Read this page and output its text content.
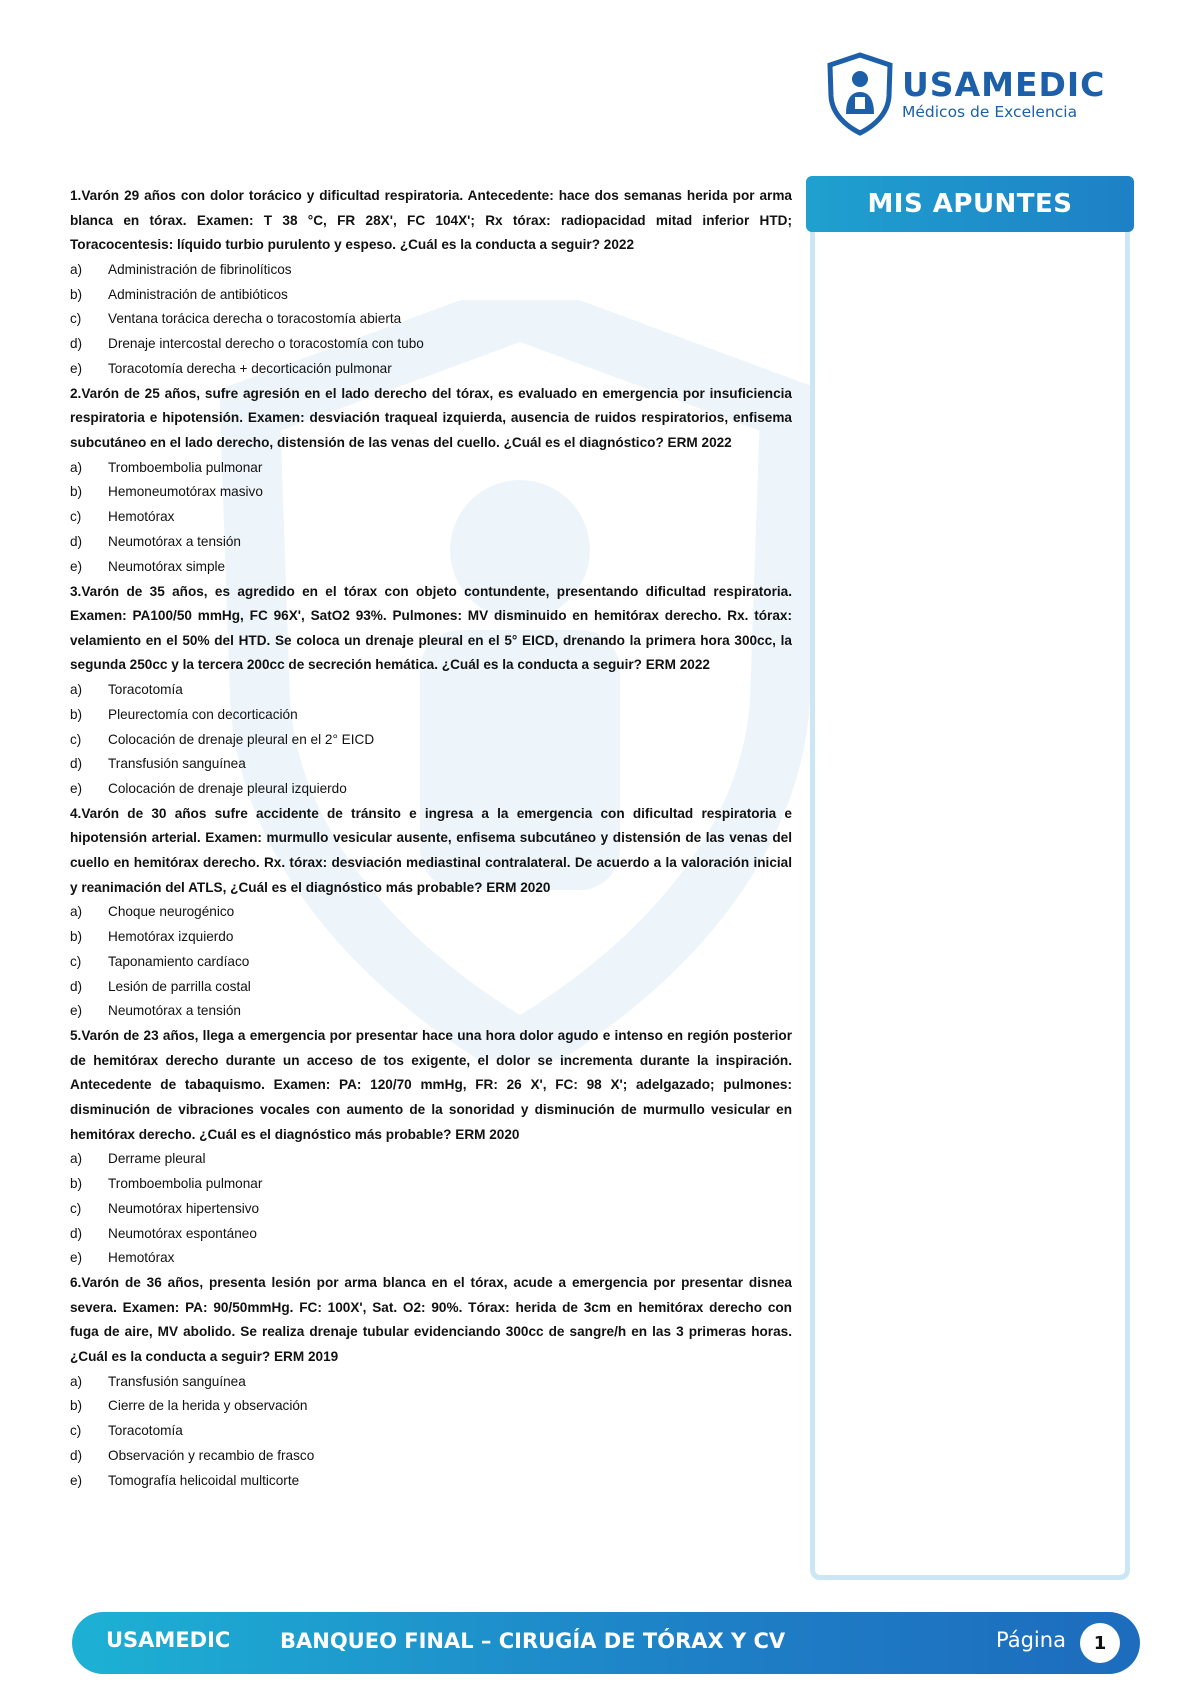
USAMEDIC
Médicos de Excelencia

1.Varón 29 años con dolor torácico y dificultad respiratoria. Antecedente: hace dos semanas herida por arma blanca en tórax. Examen: T 38 °C, FR 28X', FC 104X'; Rx tórax: radiopacidad mitad inferior HTD; Toracocentesis: líquido turbio purulento y espeso. ¿Cuál es la conducta a seguir? 2022

a)	Administración de fibrinolíticos
b)	Administración de antibióticos
c)	Ventana torácica derecha o toracostomía abierta
d)	Drenaje intercostal derecho o toracostomía con tubo
e)	Toracotomía derecha + decorticación pulmonar

2.Varón de 25 años, sufre agresión en el lado derecho del tórax, es evaluado en emergencia por insuficiencia respiratoria e hipotensión. Examen: desviación traqueal izquierda, ausencia de ruidos respiratorios, enfisema subcutáneo en el lado derecho, distensión de las venas del cuello. ¿Cuál es el diagnóstico? ERM 2022

a)	Tromboembolia pulmonar
b)	Hemoneumotórax masivo
c)	Hemotórax
d)	Neumotórax a tensión
e)	Neumotórax simple

3.Varón de 35 años, es agredido en el tórax con objeto contundente, presentando dificultad respiratoria. Examen: PA100/50 mmHg, FC 96X', SatO2 93%. Pulmones: MV disminuido en hemitórax derecho. Rx. tórax: velamiento en el 50% del HTD. Se coloca un drenaje pleural en el 5° EICD, drenando la primera hora 300cc, la segunda 250cc y la tercera 200cc de secreción hemática. ¿Cuál es la conducta a seguir? ERM 2022

a)	Toracotomía
b)	Pleurectomía con decorticación
c)	Colocación de drenaje pleural en el 2° EICD
d)	Transfusión sanguínea
e)	Colocación de drenaje pleural izquierdo

4.Varón de 30 años sufre accidente de tránsito e ingresa a la emergencia con dificultad respiratoria e hipotensión arterial. Examen: murmullo vesicular ausente, enfisema subcutáneo y distensión de las venas del cuello en hemitórax derecho. Rx. tórax: desviación mediastinal contralateral. De acuerdo a la valoración inicial y reanimación del ATLS, ¿Cuál es el diagnóstico más probable? ERM 2020

a)	Choque neurogénico
b)	Hemotórax izquierdo
c)	Taponamiento cardíaco
d)	Lesión de parrilla costal
e)	Neumotórax a tensión

5.Varón de 23 años, llega a emergencia por presentar hace una hora dolor agudo e intenso en región posterior de hemitórax derecho durante un acceso de tos exigente, el dolor se incrementa durante la inspiración. Antecedente de tabaquismo. Examen: PA: 120/70 mmHg, FR: 26 X', FC: 98 X'; adelgazado; pulmones: disminución de vibraciones vocales con aumento de la sonoridad y disminución de murmullo vesicular en hemitórax derecho. ¿Cuál es el diagnóstico más probable? ERM 2020

a)	Derrame pleural
b)	Tromboembolia pulmonar
c)	Neumotórax hipertensivo
d)	Neumotórax espontáneo
e)	Hemotórax

6.Varón de 36 años, presenta lesión por arma blanca en el tórax, acude a emergencia por presentar disnea severa. Examen: PA: 90/50mmHg. FC: 100X', Sat. O2: 90%. Tórax: herida de 3cm en hemitórax derecho con fuga de aire, MV abolido. Se realiza drenaje tubular evidenciando 300cc de sangre/h en las 3 primeras horas. ¿Cuál es la conducta a seguir? ERM 2019

a)	Transfusión sanguínea
b)	Cierre de la herida y observación
c)	Toracotomía
d)	Observación y recambio de frasco
e)	Tomografía helicoidal multicorte
MIS APUNTES
USAMEDIC BANQUEO FINAL – CIRUGÍA DE TÓRAX Y CV	Página	1
